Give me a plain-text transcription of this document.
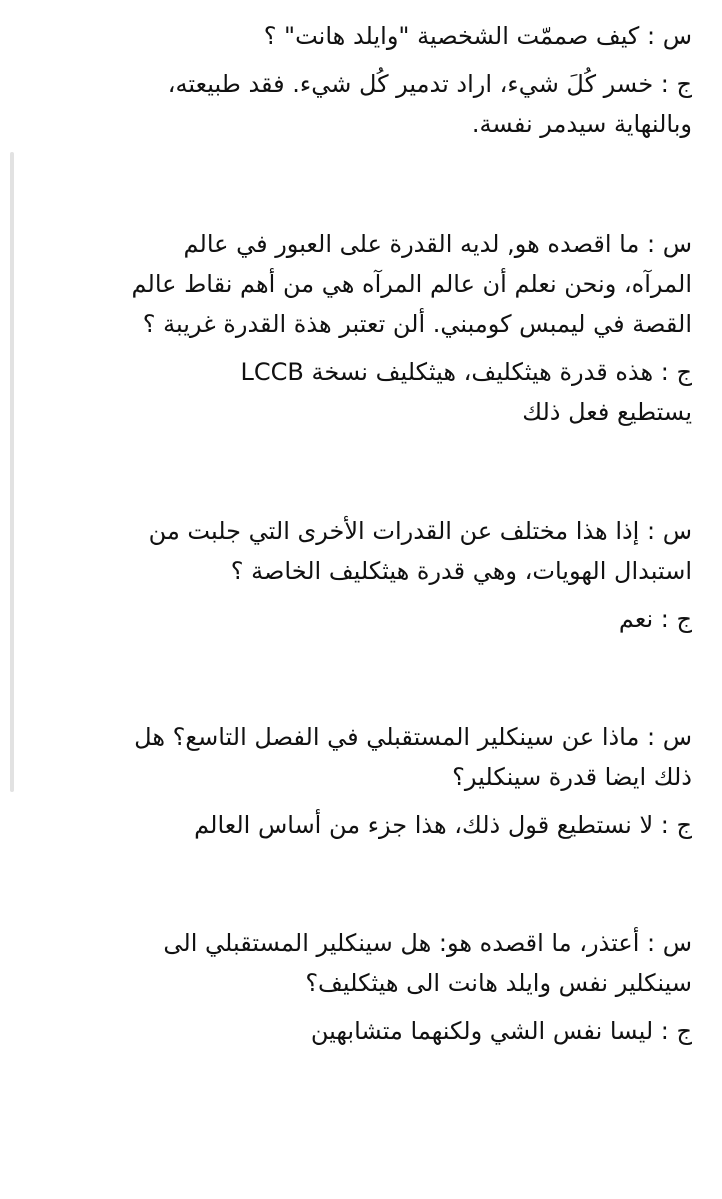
س : كيف صممّت الشخصية "وايلد هانت" ؟

ج : خسر كُلَ شيء، اراد تدمير كُل شيء. فقد طبيعته،

وبالنهاية سيدمر نفسة.

س : ما اقصده هو, لديه القدرة على العبور في عالم

المرآه، ونحن نعلم أن عالم المرآه هي من أهم نقاط عالم

القصة في ليمبس كومبني. ألن تعتبر هذة القدرة غريبة ؟

ج : هذه قدرة هيثكليف، هيثكليف نسخة LCCB

يستطيع فعل ذلك

س : إذا هذا مختلف عن القدرات الأخرى التي جلبت من

استبدال الهويات، وهي قدرة هيثكليف الخاصة ؟

ج : نعم

س : ماذا عن سينكلير المستقبلي في الفصل التاسع؟ هل

ذلك ايضا قدرة سينكلير؟

ج : لا نستطيع قول ذلك، هذا جزء من أساس العالم

س : أعتذر، ما اقصده هو: هل سينكلير المستقبلي الى

سينكلير نفس وايلد هانت الى هيثكليف؟

ج : ليسا نفس الشي ولكنهما متشابهين
